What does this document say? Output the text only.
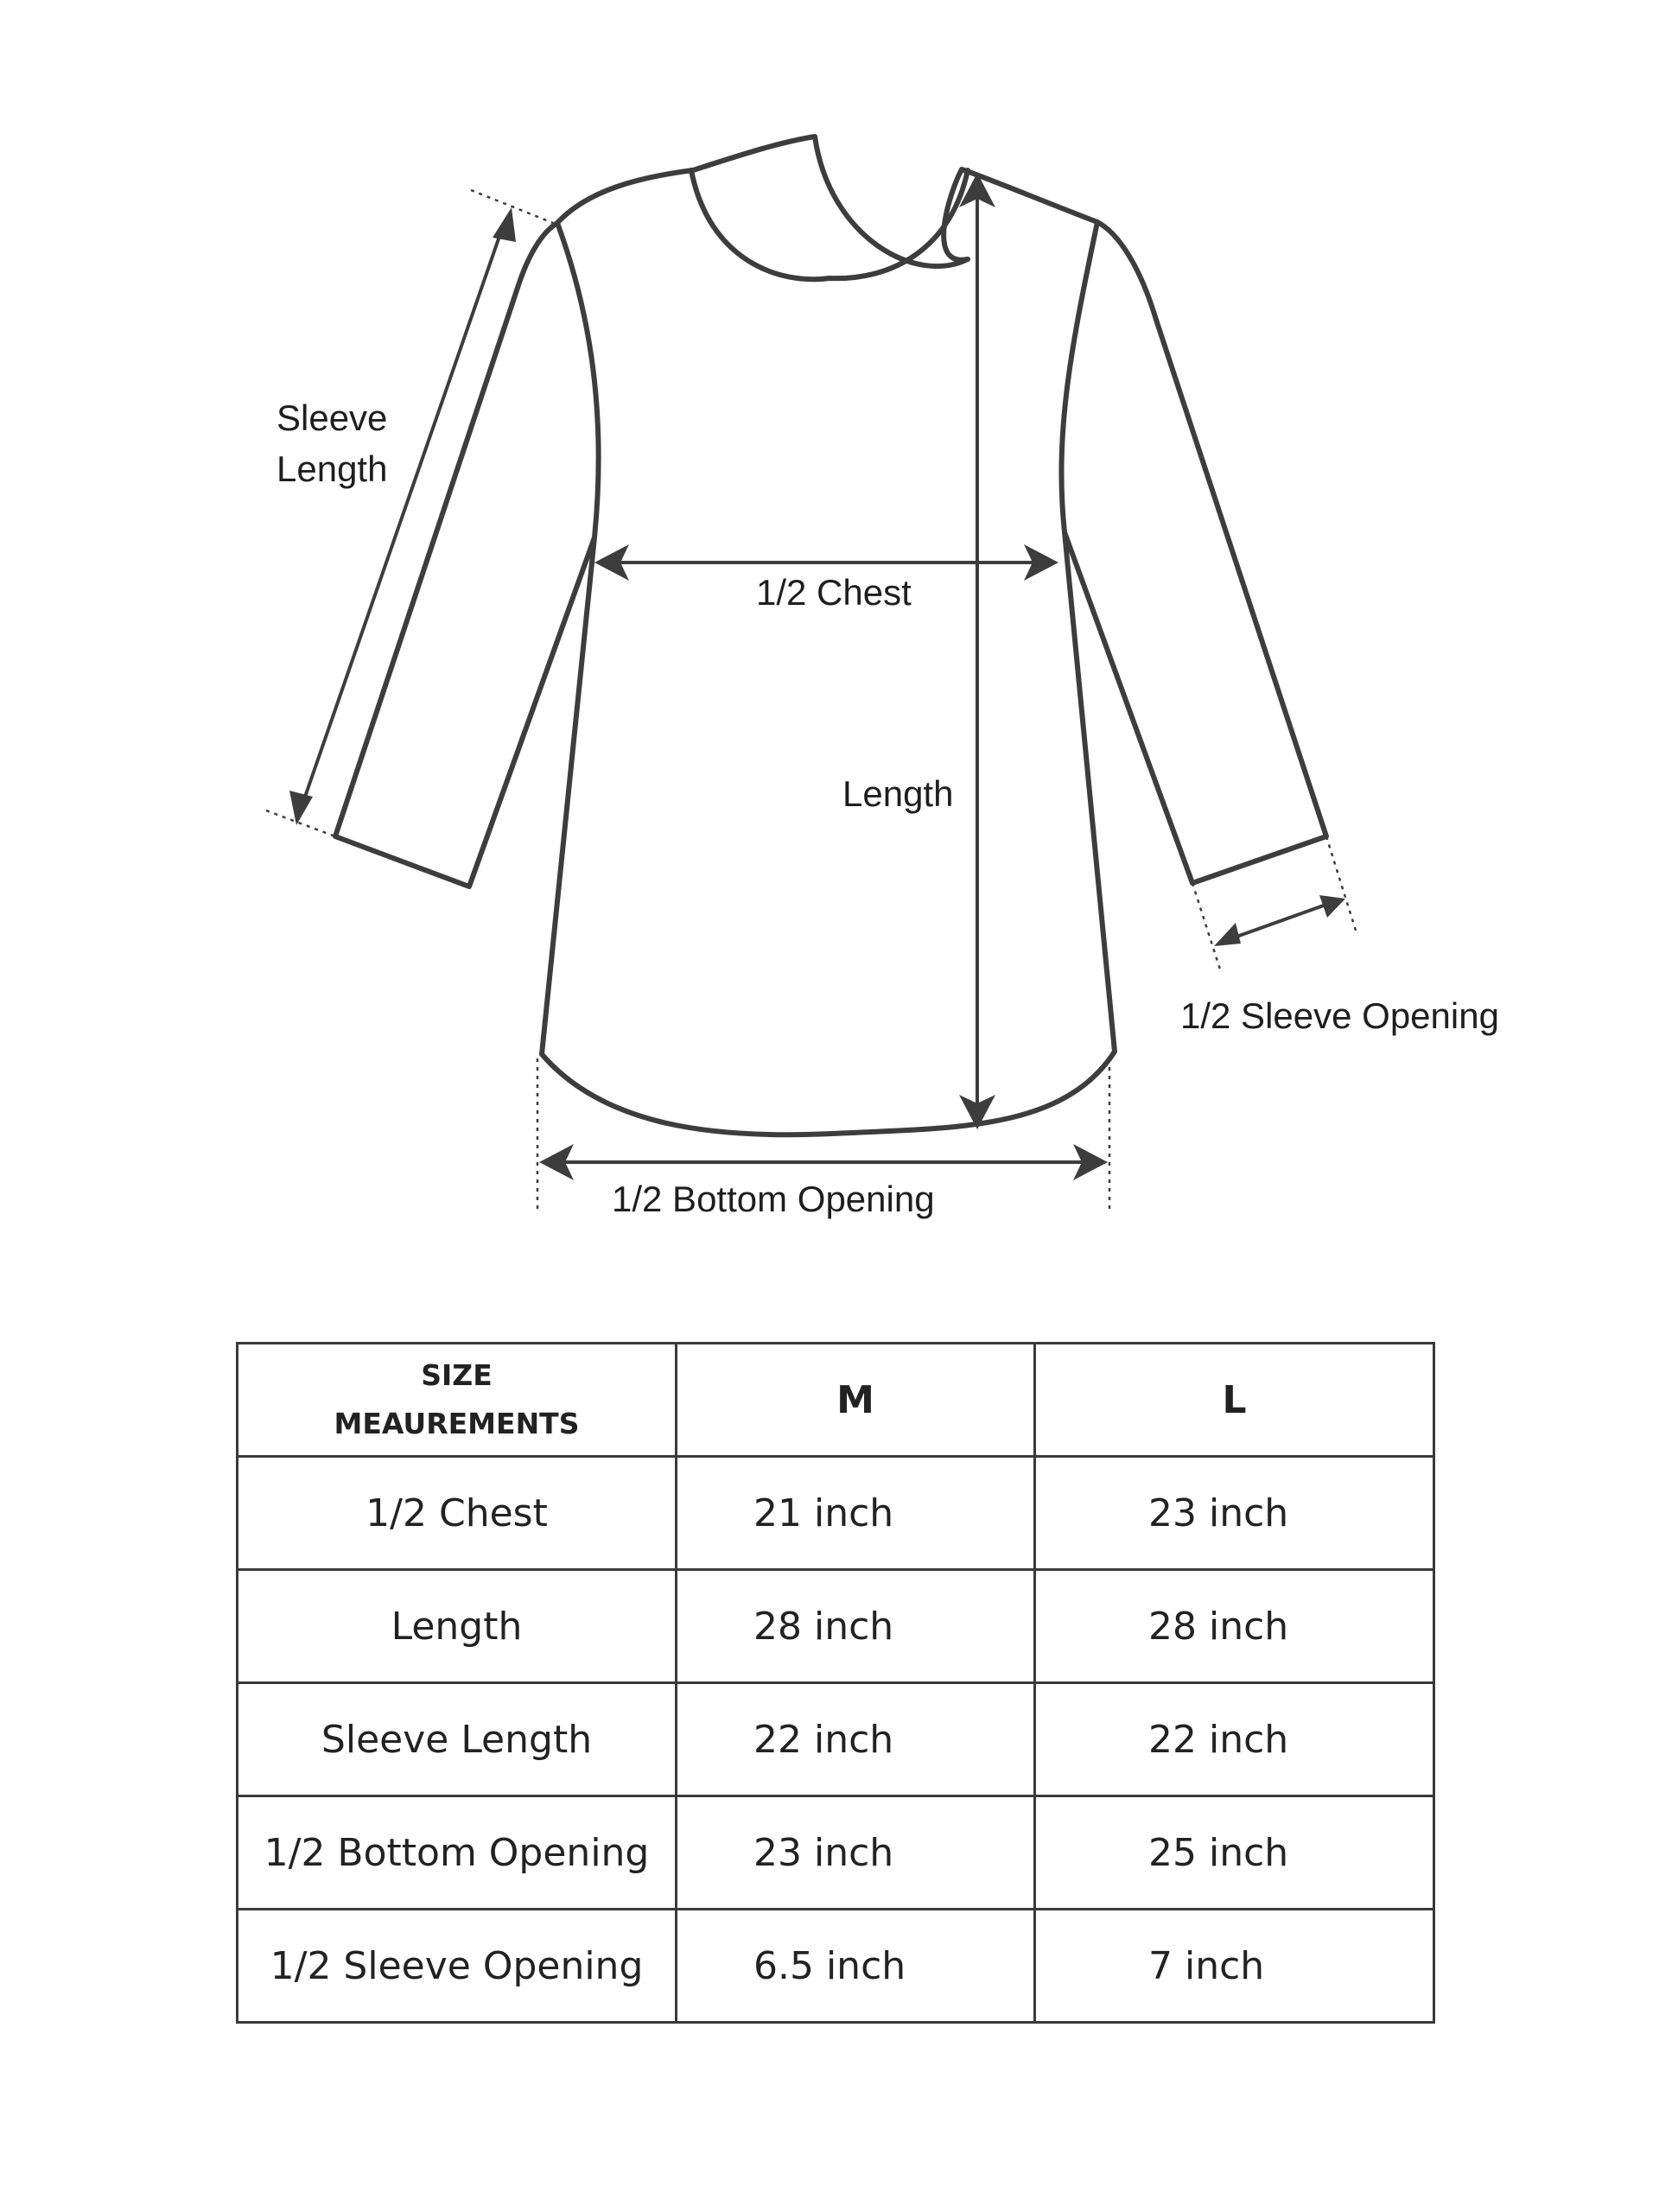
Sleeve
Length
1/2 Chest
Length
1/2 Sleeve Opening
1/2 Bottom Opening
SIZE
MEAUREMENTS	M	L
1/2 Chest	21 inch	23 inch
Length	28 inch	28 inch
Sleeve Length	22 inch	22 inch
1/2 Bottom Opening	23 inch	25 inch
1/2 Sleeve Opening	6.5 inch	7 inch
